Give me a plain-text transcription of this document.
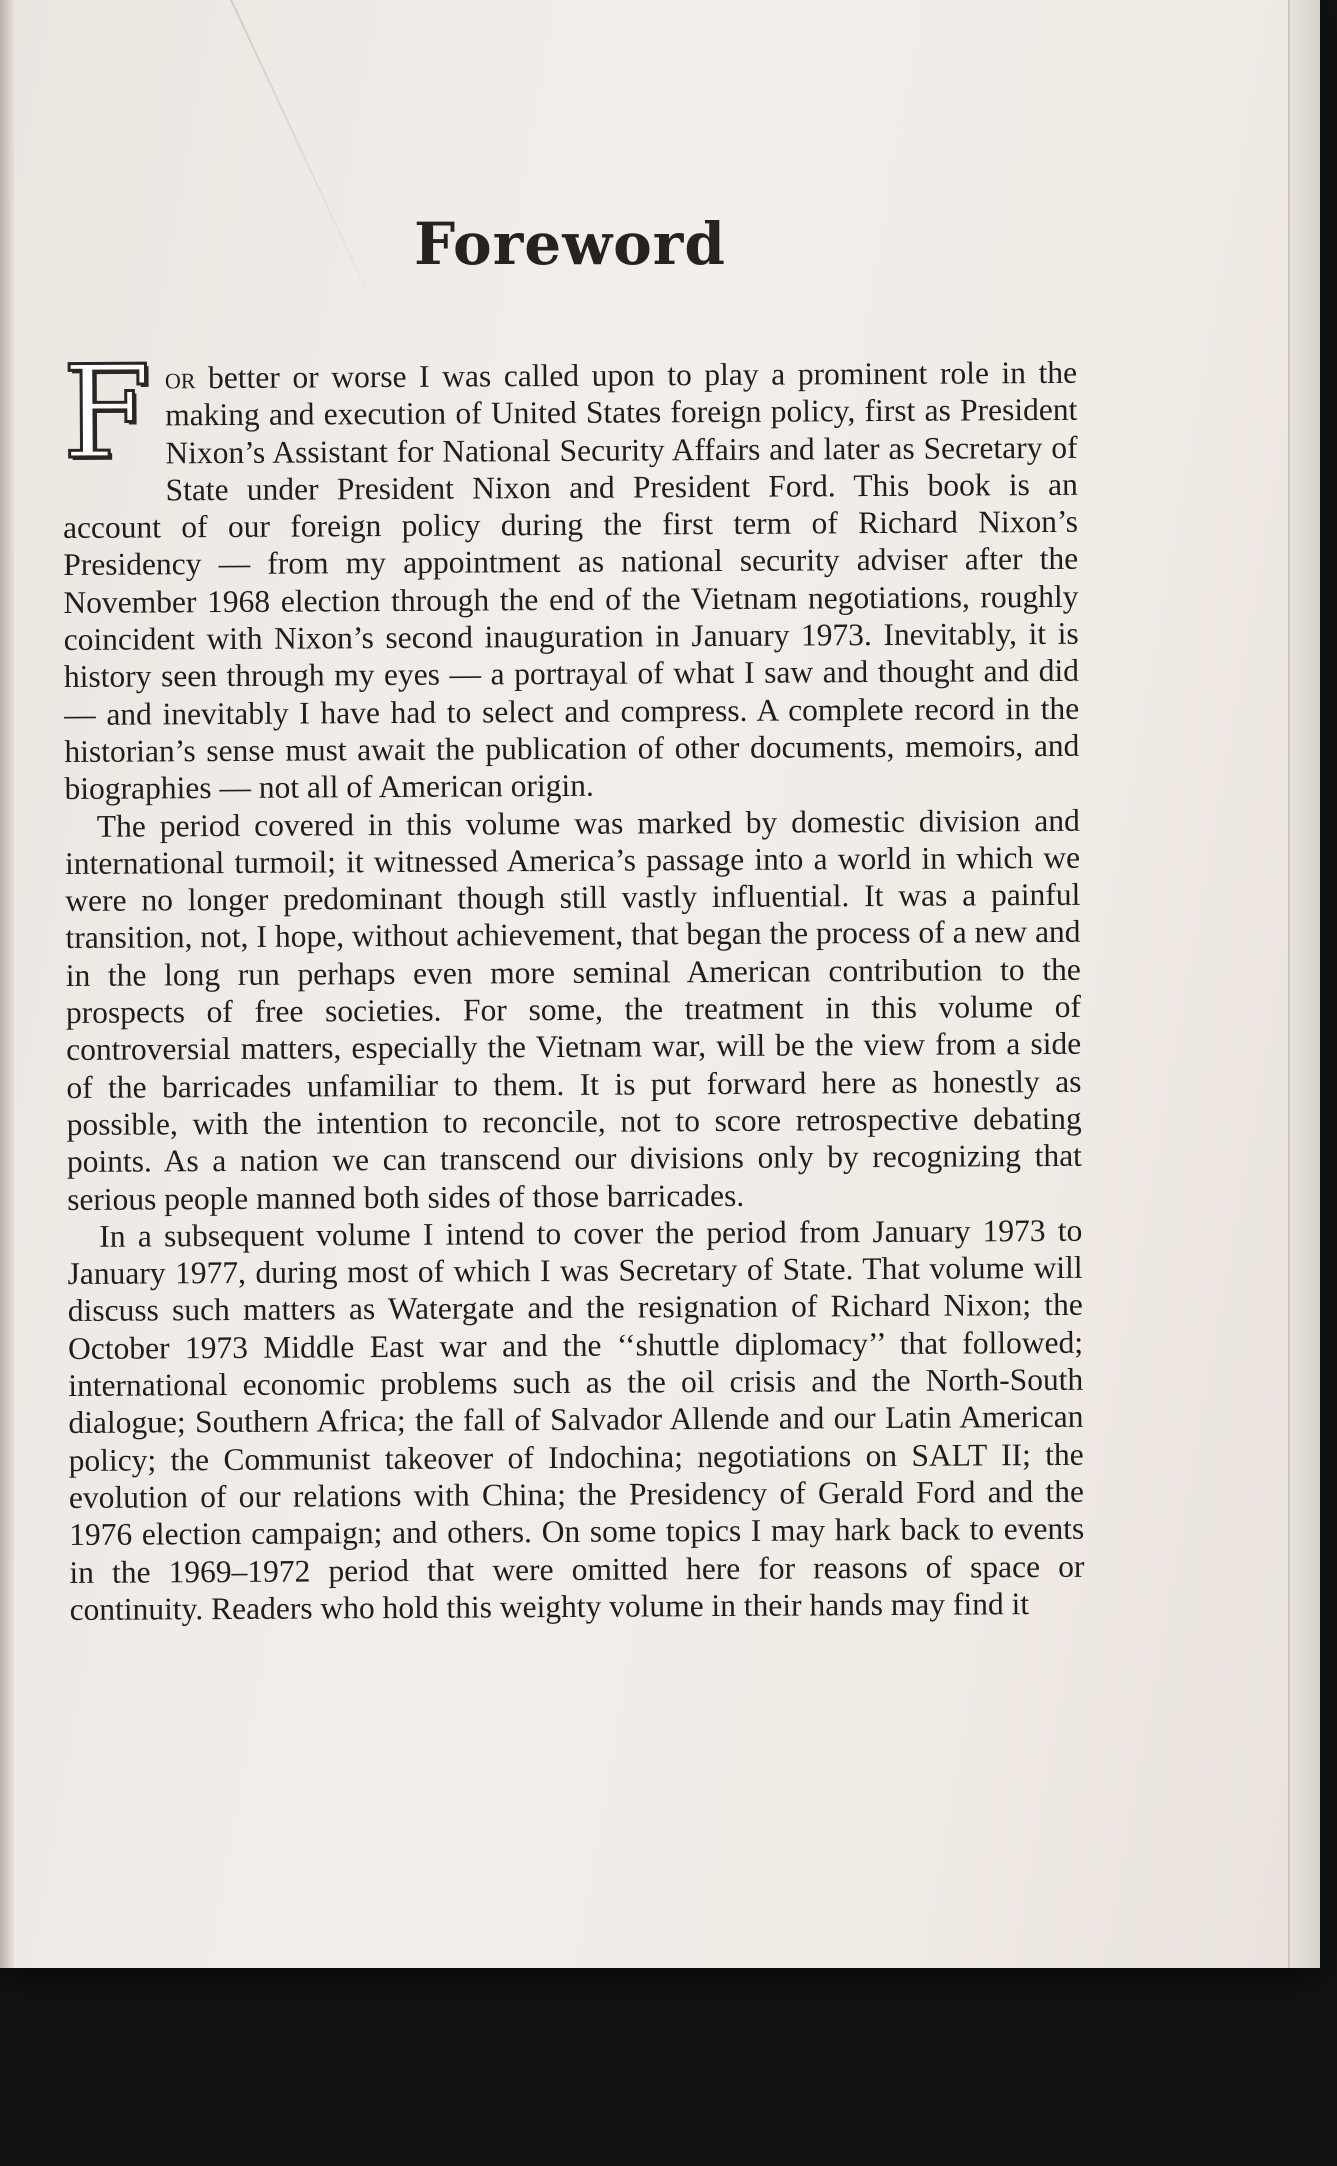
Foreword

For better or worse I was called upon to play a prominent role in the making and execution of United States foreign policy, first as President Nixon’s Assistant for National Security Affairs and later as Secretary of State under President Nixon and President Ford. This book is an account of our foreign policy during the first term of Richard Nixon’s Presidency — from my appointment as national security adviser after the November 1968 election through the end of the Vietnam negotiations, roughly coincident with Nixon’s second inauguration in January 1973. Inevitably, it is history seen through my eyes — a portrayal of what I saw and thought and did — and inevitably I have had to select and compress. A complete record in the historian’s sense must await the publication of other documents, memoirs, and biographies — not all of American origin.

The period covered in this volume was marked by domestic division and international turmoil; it witnessed America’s passage into a world in which we were no longer predominant though still vastly influential. It was a painful transition, not, I hope, without achievement, that began the process of a new and in the long run perhaps even more seminal American contribution to the prospects of free societies. For some, the treatment in this volume of controversial matters, especially the Vietnam war, will be the view from a side of the barricades unfamiliar to them. It is put forward here as honestly as possible, with the intention to reconcile, not to score retrospective debating points. As a nation we can transcend our divisions only by recognizing that serious people manned both sides of those barricades.

In a subsequent volume I intend to cover the period from January 1973 to January 1977, during most of which I was Secretary of State. That volume will discuss such matters as Watergate and the resignation of Richard Nixon; the October 1973 Middle East war and the ‘‘shuttle diplomacy’’ that followed; international economic problems such as the oil crisis and the North-South dialogue; Southern Africa; the fall of Salvador Allende and our Latin American policy; the Communist takeover of Indochina; negotiations on SALT II; the evolution of our relations with China; the Presidency of Gerald Ford and the 1976 election campaign; and others. On some topics I may hark back to events in the 1969–1972 period that were omitted here for reasons of space or continuity. Readers who hold this weighty volume in their hands may find it
